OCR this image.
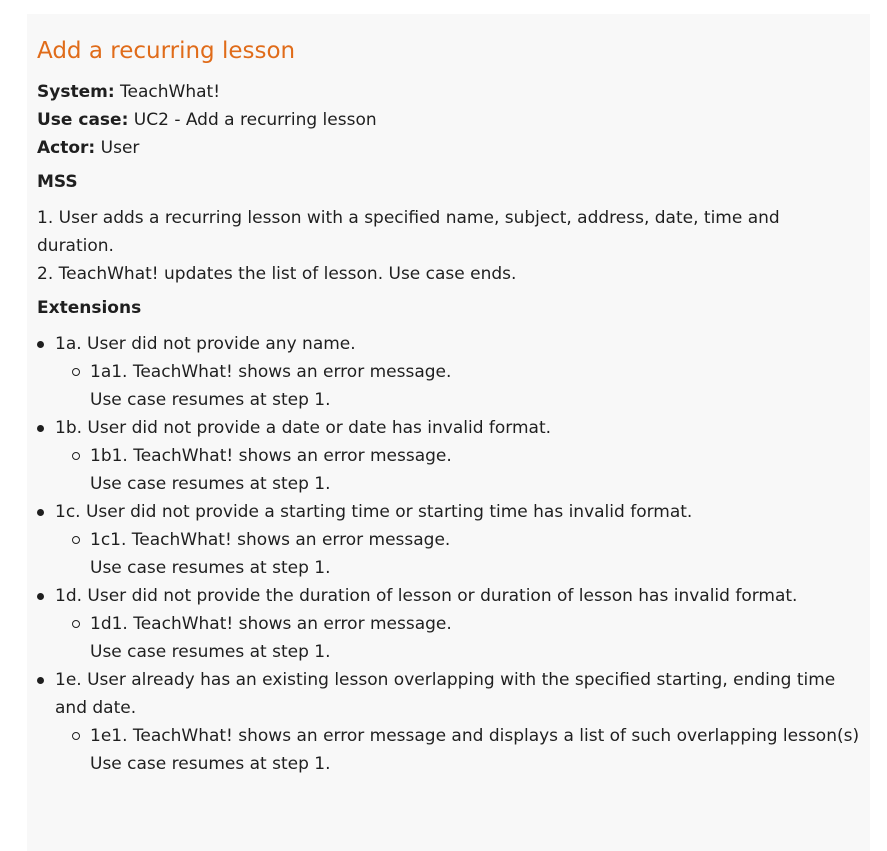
Add a recurring lesson

System: TeachWhat!

Use case: UC2 - Add a recurring lesson

Actor: User

MSS
1. User adds a recurring lesson with a specified name, subject, address, date, time and duration.
2. TeachWhat! updates the list of lesson. Use case ends.
Extensions
1a. User did not provide any name.
1a1. TeachWhat! shows an error message.
Use case resumes at step 1.
1b. User did not provide a date or date has invalid format.
1b1. TeachWhat! shows an error message.
Use case resumes at step 1.
1c. User did not provide a starting time or starting time has invalid format.
1c1. TeachWhat! shows an error message.
Use case resumes at step 1.
1d. User did not provide the duration of lesson or duration of lesson has invalid format.
1d1. TeachWhat! shows an error message.
Use case resumes at step 1.
1e. User already has an existing lesson overlapping with the specified starting, ending time and date.
1e1. TeachWhat! shows an error message and displays a list of such overlapping lesson(s)
Use case resumes at step 1.
